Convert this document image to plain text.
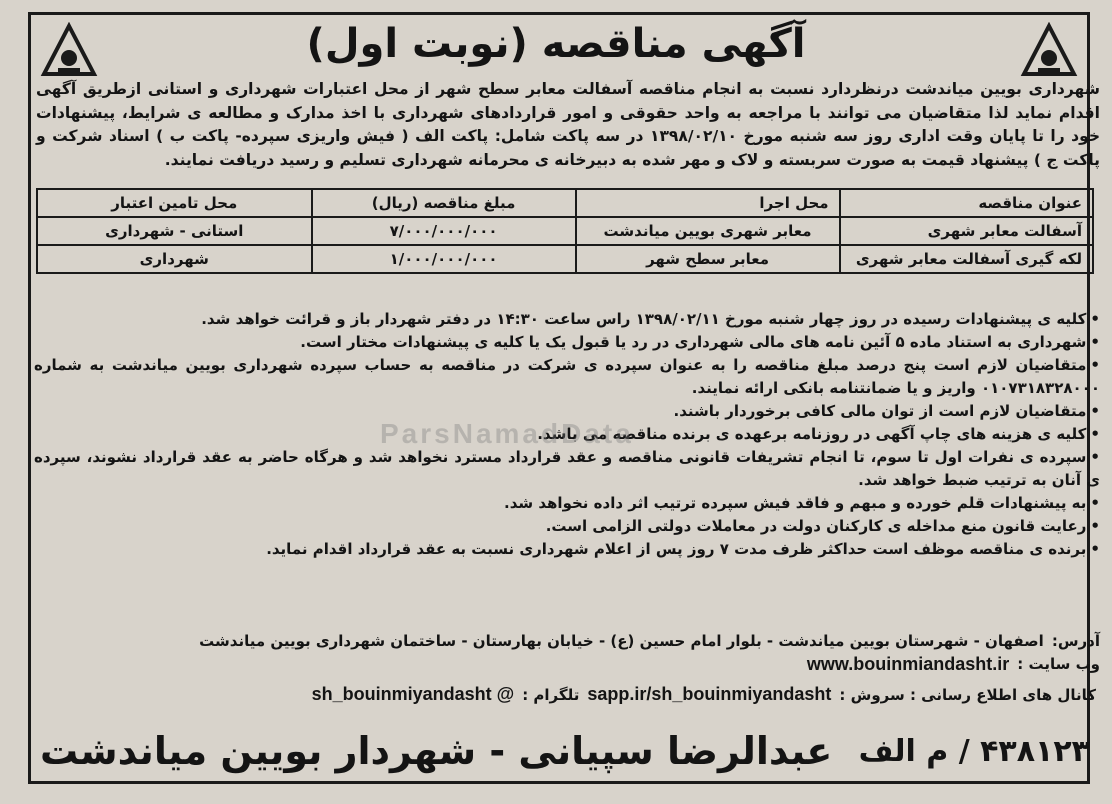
آگهی مناقصه (نوبت اول)
شهرداری بویین میاندشت درنظردارد نسبت به انجام مناقصه آسفالت معابر سطح شهر از محل اعتبارات شهرداری و استانی ازطریق آگهی اقدام نماید لذا متقاضیان می توانند با مراجعه به واحد حقوقی و امور قراردادهای شهرداری با اخذ مدارک و مطالعه ی شرایط، پیشنهادات خود را تا پایان وقت اداری روز سه شنبه مورخ ۱۳۹۸/۰۲/۱۰ در سه پاکت شامل: پاکت الف ( فیش واریزی سپرده- پاکت ب ) اسناد شرکت و پاکت ج ) پیشنهاد قیمت به صورت سربسته و لاک و مهر شده به دبیرخانه ی محرمانه شهرداری تسلیم و رسید دریافت نمایند.
عنوان مناقصه	محل اجرا	مبلغ مناقصه (ریال)	محل تامین اعتبار
آسفالت معابر شهری	معابر شهری بویین میاندشت	۷/۰۰۰/۰۰۰/۰۰۰	استانی - شهرداری
لکه گیری آسفالت معابر شهری	معابر سطح شهر	۱/۰۰۰/۰۰۰/۰۰۰	شهرداری
• کلیه ی پیشنهادات رسیده در روز چهار شنبه مورخ ۱۳۹۸/۰۲/۱۱ راس ساعت ۱۴:۳۰ در دفتر شهردار باز و قرائت خواهد شد.
• شهرداری به استناد ماده ۵ آئین نامه های مالی شهرداری در رد یا قبول یک یا کلیه ی پیشنهادات مختار است.
• متقاضیان لازم است پنج درصد مبلغ مناقصه را به عنوان سپرده ی شرکت در مناقصه به حساب سپرده شهرداری بویین میاندشت به شماره ۰۱۰۷۳۱۸۳۲۸۰۰۰ واریز و یا ضمانتنامه بانکی ارائه نمایند.
• متقاضیان لازم است از توان مالی کافی برخوردار باشند.
• کلیه ی هزینه های چاپ آگهی در روزنامه برعهده ی برنده مناقصه می باشد.
• سپرده ی نفرات اول تا سوم، تا انجام تشریفات قانونی مناقصه و عقد قرارداد مسترد نخواهد شد و هرگاه حاضر به عقد قرارداد نشوند، سپرده ی آنان به ترتیب ضبط خواهد شد.
• به پیشنهادات قلم خورده و مبهم و فاقد فیش سپرده ترتیب اثر داده نخواهد شد.
• رعایت قانون منع مداخله ی کارکنان دولت در معاملات دولتی الزامی است.
• برنده ی مناقصه موظف است حداکثر ظرف مدت ۷ روز پس از اعلام شهرداری نسبت به عقد قرارداد اقدام نماید.
آدرس:
اصفهان - شهرستان بویین میاندشت - بلوار امام حسین (ع) - خیابان بهارستان - ساختمان شهرداری بویین میاندشت
وب سایت :
www.bouinmiandasht.ir
کانال های اطلاع رسانی : سروش :
sapp.ir/sh_bouinmiyandasht
تلگرام :
sh_bouinmiyandasht @
۴۳۸۱۲۳ / م الف
عبدالرضا سپیانی - شهردار بویین میاندشت
ParsNamadData
